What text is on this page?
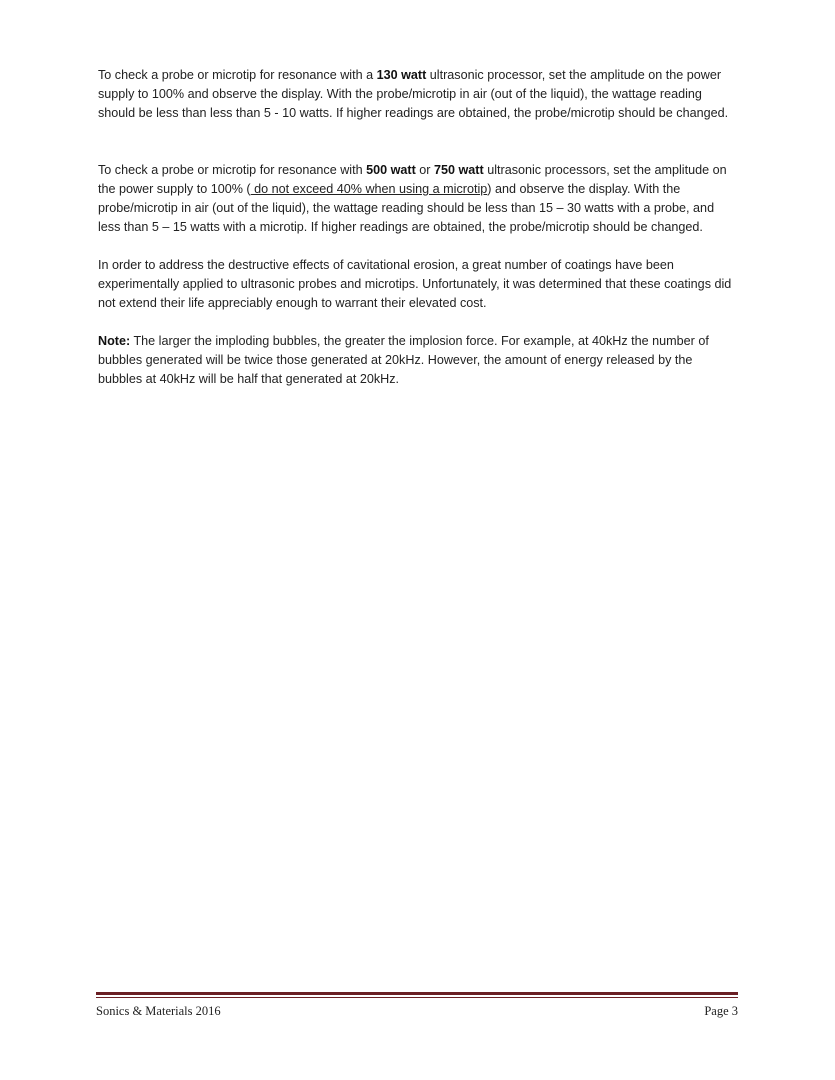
To check a probe or microtip for resonance with a 130 watt ultrasonic processor, set the amplitude on the power supply to 100% and observe the display. With the probe/microtip in air (out of the liquid), the wattage reading should be less than less than 5 - 10 watts. If higher readings are obtained, the probe/microtip should be changed.

To check a probe or microtip for resonance with 500 watt or 750 watt ultrasonic processors, set the amplitude on the power supply to 100% ( do not exceed 40% when using a microtip) and observe the display. With the probe/microtip in air (out of the liquid), the wattage reading should be less than 15 – 30 watts with a probe, and less than 5 – 15 watts with a microtip. If higher readings are obtained, the probe/microtip should be changed.

In order to address the destructive effects of cavitational erosion, a great number of coatings have been experimentally applied to ultrasonic probes and microtips. Unfortunately, it was determined that these coatings did not extend their life appreciably enough to warrant their elevated cost.

Note: The larger the imploding bubbles, the greater the implosion force. For example, at 40kHz the number of bubbles generated will be twice those generated at 20kHz. However, the amount of energy released by the bubbles at 40kHz will be half that generated at 20kHz.

Sonics & Materials 2016	Page 3
